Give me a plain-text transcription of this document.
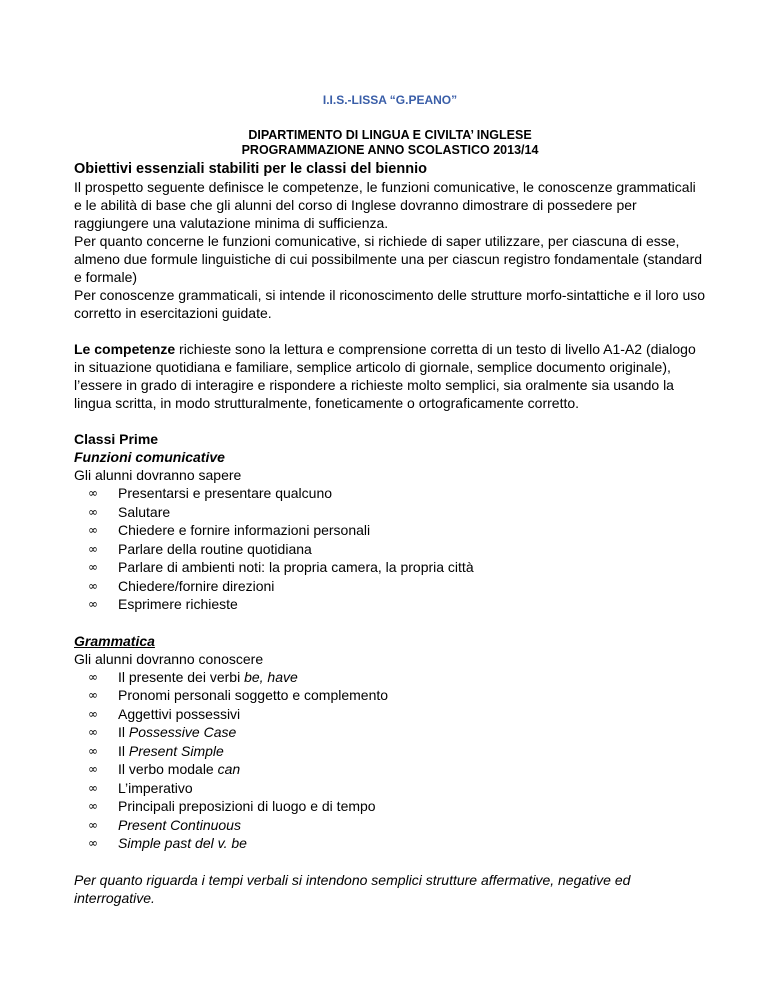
I.I.S.-LISSA “G.PEANO”

DIPARTIMENTO DI LINGUA E CIVILTA’ INGLESE

PROGRAMMAZIONE ANNO SCOLASTICO 2013/14

Obiettivi essenziali stabiliti per le classi del biennio

Il prospetto seguente definisce le competenze, le funzioni comunicative, le conoscenze grammaticali e le abilità di base che gli alunni del corso di Inglese dovranno dimostrare di possedere per raggiungere una valutazione minima di sufficienza.

Per quanto concerne le funzioni comunicative, si richiede di saper utilizzare, per ciascuna di esse, almeno due formule linguistiche di cui possibilmente una per ciascun registro fondamentale (standard e formale)

Per conoscenze grammaticali, si intende il riconoscimento delle strutture morfo-sintattiche e il loro uso corretto in esercitazioni guidate.

Le competenze richieste sono la lettura e comprensione corretta di un testo di livello A1-A2 (dialogo in situazione quotidiana e familiare, semplice articolo di giornale, semplice documento originale), l’essere in grado di interagire e rispondere a richieste molto semplici, sia oralmente sia usando la lingua scritta, in modo strutturalmente, foneticamente o ortograficamente corretto.

Classi Prime

Funzioni comunicative

Gli alunni dovranno sapere

∞	Presentarsi e presentare qualcuno
∞	Salutare
∞	Chiedere e fornire informazioni personali
∞	Parlare della routine quotidiana
∞	Parlare di ambienti noti: la propria camera, la propria città
∞	Chiedere/fornire direzioni
∞	Esprimere richieste

Grammatica

Gli alunni dovranno conoscere

∞	Il presente dei verbi be, have
∞	Pronomi personali soggetto e complemento
∞	Aggettivi possessivi
∞	Il Possessive Case
∞	Il Present Simple
∞	Il verbo modale can
∞	L’imperativo
∞	Principali preposizioni di luogo e di tempo
∞	Present Continuous
∞	Simple past del v. be

Per quanto riguarda i tempi verbali si intendono semplici strutture affermative, negative ed interrogative.
